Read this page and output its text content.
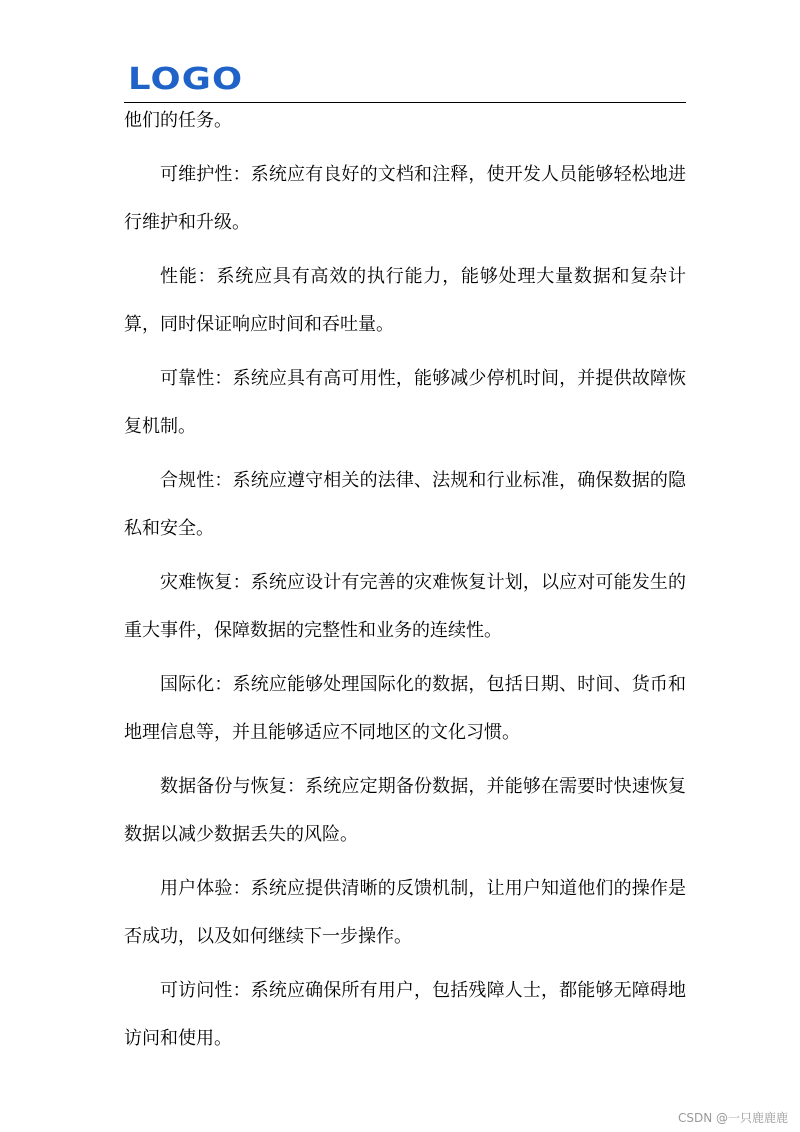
LOGO

他们的任务。

可维护性：系统应有良好的文档和注释，使开发人员能够轻松地进行维护和升级。

性能：系统应具有高效的执行能力，能够处理大量数据和复杂计算，同时保证响应时间和吞吐量。

可靠性：系统应具有高可用性，能够减少停机时间，并提供故障恢复机制。

合规性：系统应遵守相关的法律、法规和行业标准，确保数据的隐私和安全。

灾难恢复：系统应设计有完善的灾难恢复计划，以应对可能发生的重大事件，保障数据的完整性和业务的连续性。

国际化：系统应能够处理国际化的数据，包括日期、时间、货币和地理信息等，并且能够适应不同地区的文化习惯。

数据备份与恢复：系统应定期备份数据，并能够在需要时快速恢复数据以减少数据丢失的风险。

用户体验：系统应提供清晰的反馈机制，让用户知道他们的操作是否成功，以及如何继续下一步操作。

可访问性：系统应确保所有用户，包括残障人士，都能够无障碍地访问和使用。

CSDN @一只鹿鹿鹿
